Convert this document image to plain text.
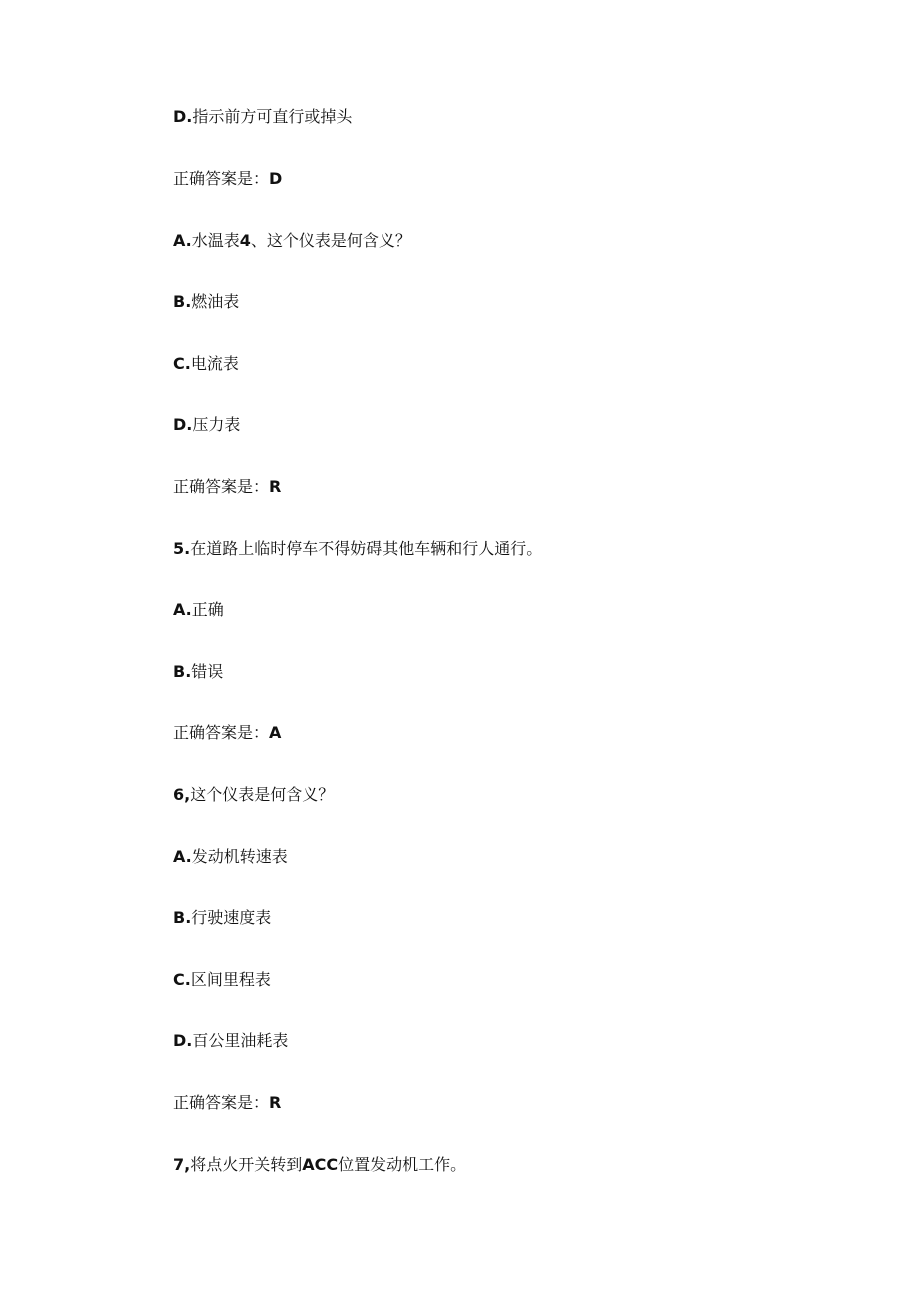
D.指示前方可直行或掉头
正确答案是：D
A.水温表4、这个仪表是何含义？
B.燃油表
C.电流表
D.压力表
正确答案是：R
5.在道路上临时停车不得妨碍其他车辆和行人通行。
A.正确
B.错误
正确答案是：A
6,这个仪表是何含义？
A.发动机转速表
B.行驶速度表
C.区间里程表
D.百公里油耗表
正确答案是：R
7,将点火开关转到ACC位置发动机工作。
